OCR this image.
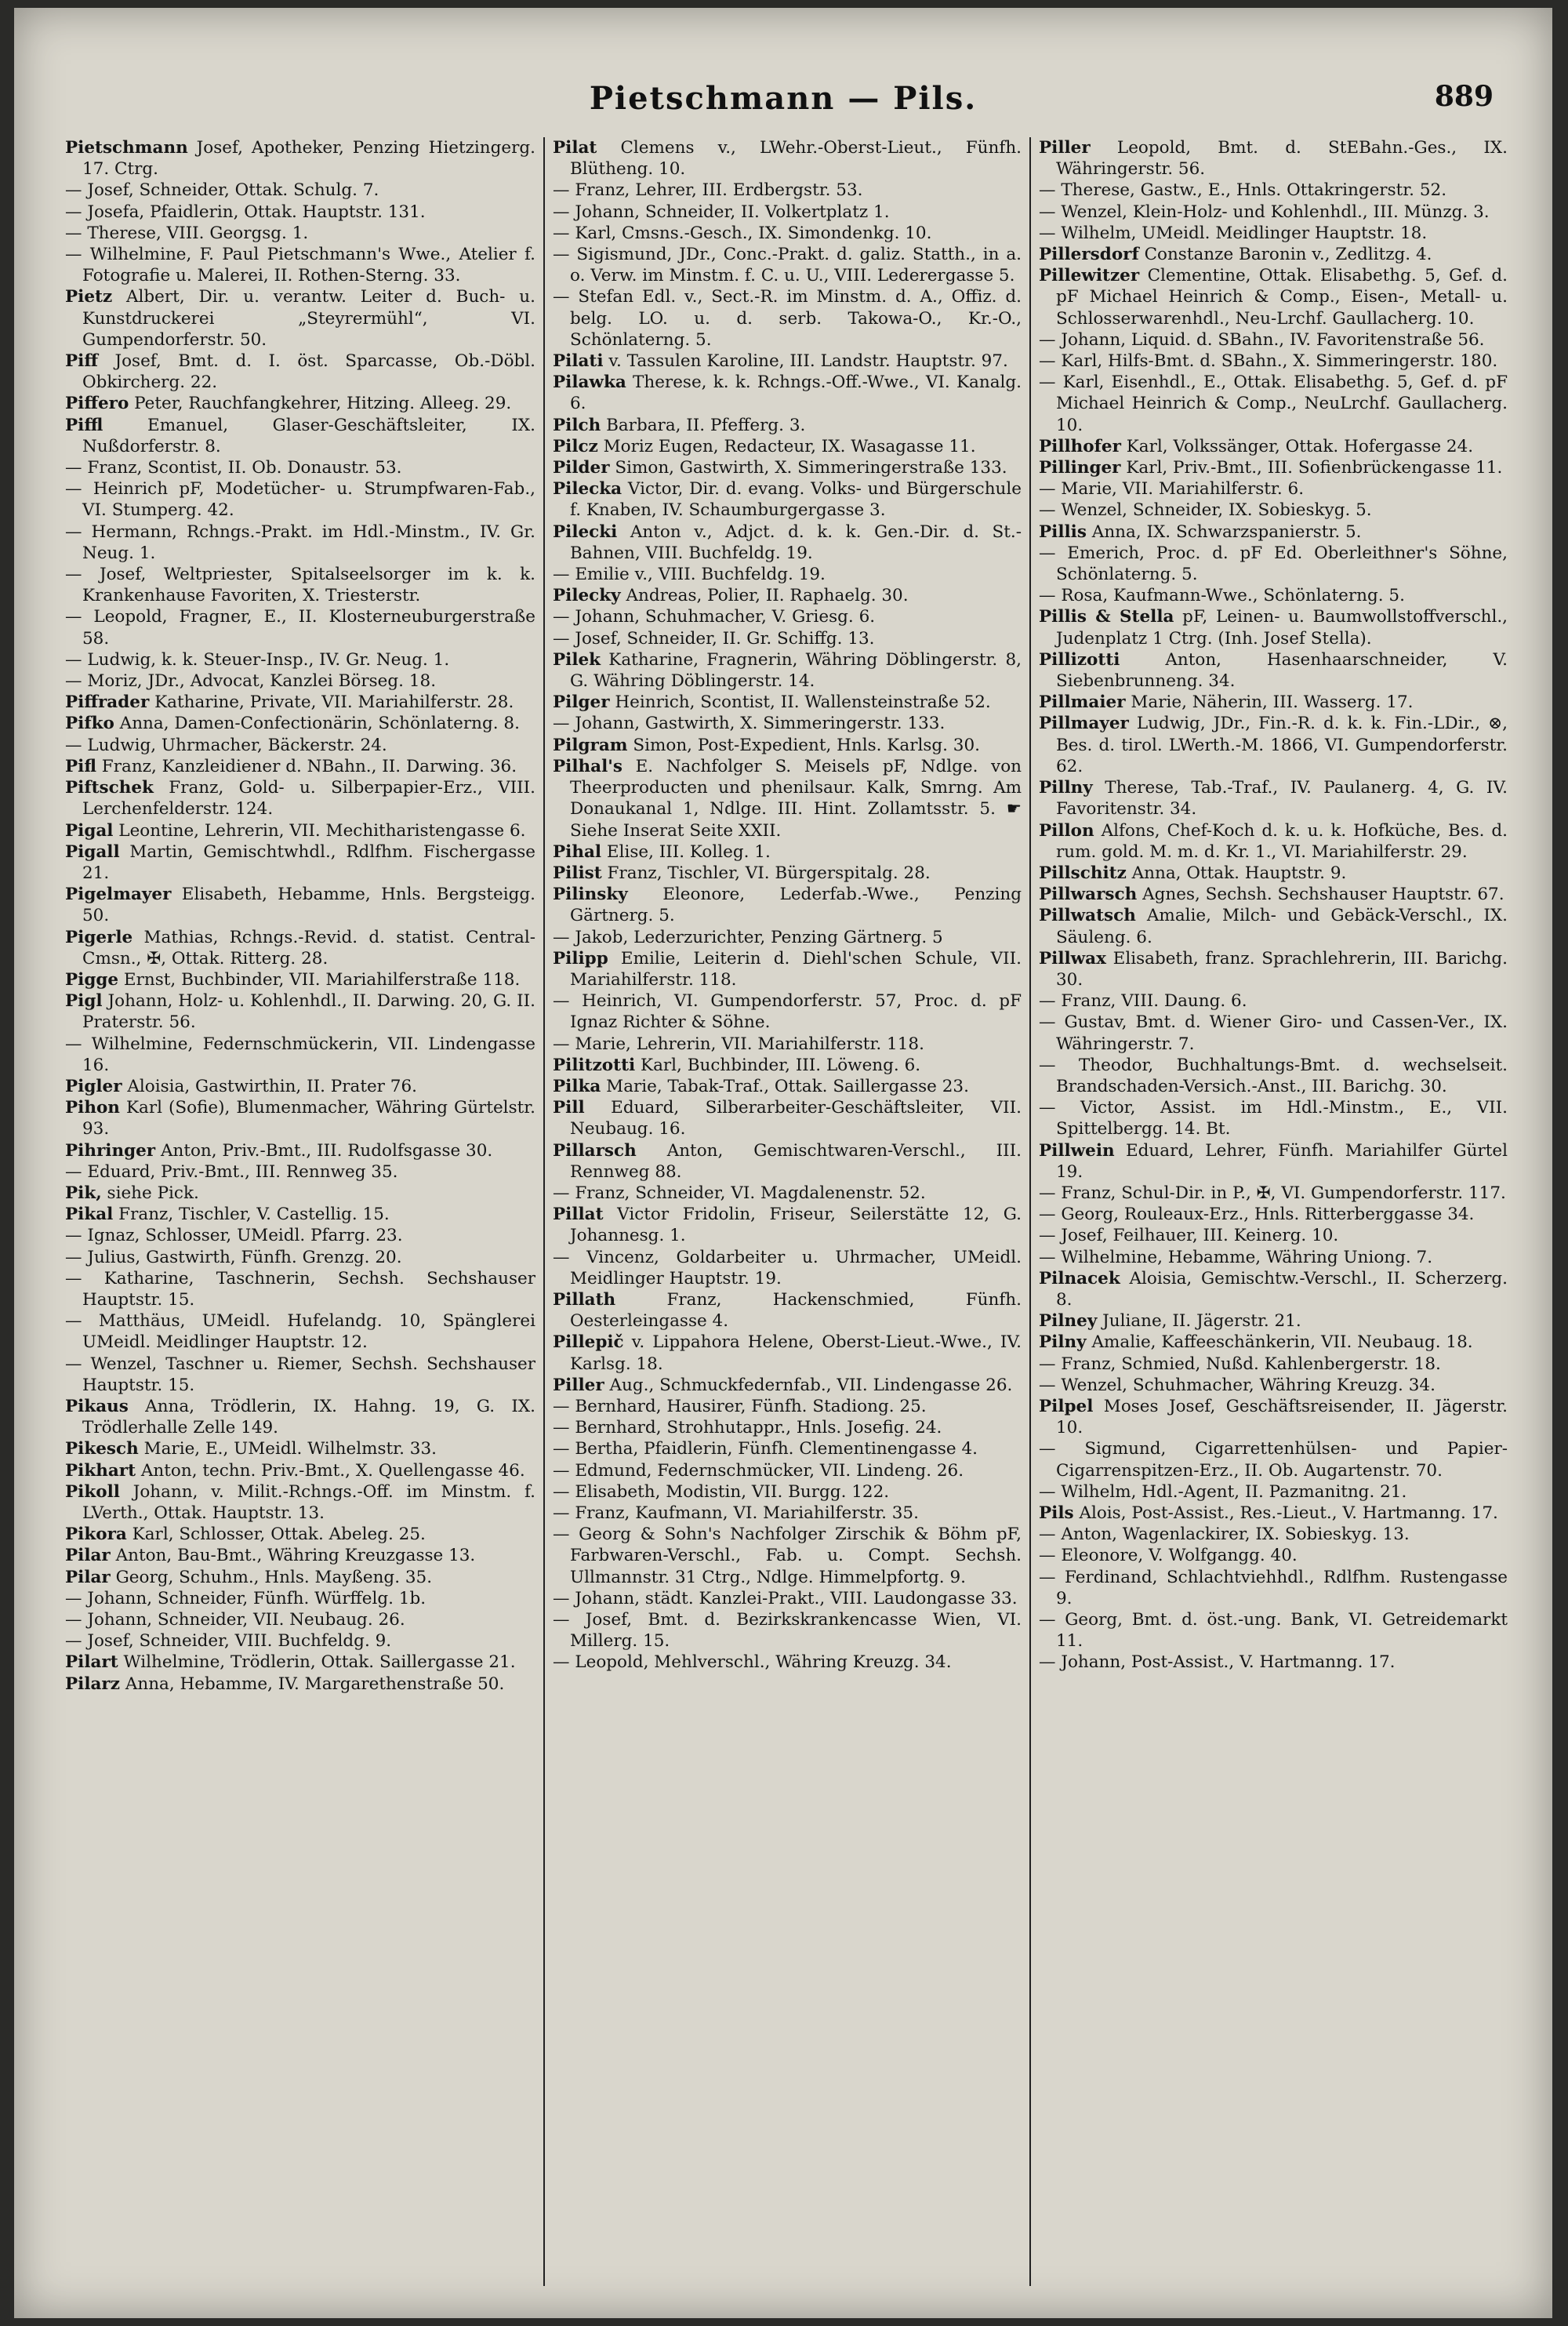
Pietschmann — Pils.	889

Pietschmann Josef, Apotheker, Penzing Hietzingerg. 17. Ctrg.

— Josef, Schneider, Ottak. Schulg. 7.

— Josefa, Pfaidlerin, Ottak. Hauptstr. 131.

— Therese, VIII. Georgsg. 1.

— Wilhelmine, F. Paul Pietschmann's Wwe., Atelier f. Fotografie u. Malerei, II. Rothen-Sterng. 33.

Pietz Albert, Dir. u. verantw. Leiter d. Buch- u. Kunstdruckerei „Steyrermühl“, VI. Gumpendorferstr. 50.

Piff Josef, Bmt. d. I. öst. Sparcasse, Ob.-Döbl. Obkircherg. 22.

Piffero Peter, Rauchfangkehrer, Hitzing. Alleeg. 29.

Piffl Emanuel, Glaser-Geschäftsleiter, IX. Nußdorferstr. 8.

— Franz, Scontist, II. Ob. Donaustr. 53.

— Heinrich pF, Modetücher- u. Strumpfwaren-Fab., VI. Stumperg. 42.

— Hermann, Rchngs.-Prakt. im Hdl.-Minstm., IV. Gr. Neug. 1.

— Josef, Weltpriester, Spitalseelsorger im k. k. Krankenhause Favoriten, X. Triesterstr.

— Leopold, Fragner, E., II. Klosterneuburgerstraße 58.

— Ludwig, k. k. Steuer-Insp., IV. Gr. Neug. 1.

— Moriz, JDr., Advocat, Kanzlei Börseg. 18.

Piffrader Katharine, Private, VII. Mariahilferstr. 28.

Pifko Anna, Damen-Confectionärin, Schönlaterng. 8.

— Ludwig, Uhrmacher, Bäckerstr. 24.

Pifl Franz, Kanzleidiener d. NBahn., II. Darwing. 36.

Piftschek Franz, Gold- u. Silberpapier-Erz., VIII. Lerchenfelderstr. 124.

Pigal Leontine, Lehrerin, VII. Mechitharistengasse 6.

Pigall Martin, Gemischtwhdl., Rdlfhm. Fischergasse 21.

Pigelmayer Elisabeth, Hebamme, Hnls. Bergsteigg. 50.

Pigerle Mathias, Rchngs.-Revid. d. statist. Central-Cmsn., ✠, Ottak. Ritterg. 28.

Pigge Ernst, Buchbinder, VII. Mariahilferstraße 118.

Pigl Johann, Holz- u. Kohlenhdl., II. Darwing. 20, G. II. Praterstr. 56.

— Wilhelmine, Federnschmückerin, VII. Lindengasse 16.

Pigler Aloisia, Gastwirthin, II. Prater 76.

Pihon Karl (Sofie), Blumenmacher, Währing Gürtelstr. 93.

Pihringer Anton, Priv.-Bmt., III. Rudolfsgasse 30.

— Eduard, Priv.-Bmt., III. Rennweg 35.

Pik, siehe Pick.

Pikal Franz, Tischler, V. Castellig. 15.

— Ignaz, Schlosser, UMeidl. Pfarrg. 23.

— Julius, Gastwirth, Fünfh. Grenzg. 20.

— Katharine, Taschnerin, Sechsh. Sechshauser Hauptstr. 15.

— Matthäus, UMeidl. Hufelandg. 10, Spänglerei UMeidl. Meidlinger Hauptstr. 12.

— Wenzel, Taschner u. Riemer, Sechsh. Sechshauser Hauptstr. 15.

Pikaus Anna, Trödlerin, IX. Hahng. 19, G. IX. Trödlerhalle Zelle 149.

Pikesch Marie, E., UMeidl. Wilhelmstr. 33.

Pikhart Anton, techn. Priv.-Bmt., X. Quellengasse 46.

Pikoll Johann, v. Milit.-Rchngs.-Off. im Minstm. f. LVerth., Ottak. Hauptstr. 13.

Pikora Karl, Schlosser, Ottak. Abeleg. 25.

Pilar Anton, Bau-Bmt., Währing Kreuzgasse 13.

Pilar Georg, Schuhm., Hnls. Mayßeng. 35.

— Johann, Schneider, Fünfh. Würffelg. 1b.

— Johann, Schneider, VII. Neubaug. 26.

— Josef, Schneider, VIII. Buchfeldg. 9.

Pilart Wilhelmine, Trödlerin, Ottak. Saillergasse 21.

Pilarz Anna, Hebamme, IV. Margarethenstraße 50.

Pilat Clemens v., LWehr.-Oberst-Lieut., Fünfh. Blütheng. 10.

— Franz, Lehrer, III. Erdbergstr. 53.

— Johann, Schneider, II. Volkertplatz 1.

— Karl, Cmsns.-Gesch., IX. Simondenkg. 10.

— Sigismund, JDr., Conc.-Prakt. d. galiz. Statth., in a. o. Verw. im Minstm. f. C. u. U., VIII. Lederergasse 5.

— Stefan Edl. v., Sect.-R. im Minstm. d. A., Offiz. d. belg. LO. u. d. serb. Takowa-O., Kr.-O., Schönlaterng. 5.

Pilati v. Tassulen Karoline, III. Landstr. Hauptstr. 97.

Pilawka Therese, k. k. Rchngs.-Off.-Wwe., VI. Kanalg. 6.

Pilch Barbara, II. Pfefferg. 3.

Pilcz Moriz Eugen, Redacteur, IX. Wasagasse 11.

Pilder Simon, Gastwirth, X. Simmeringerstraße 133.

Pilecka Victor, Dir. d. evang. Volks- und Bürgerschule f. Knaben, IV. Schaumburgergasse 3.

Pilecki Anton v., Adjct. d. k. k. Gen.-Dir. d. St.-Bahnen, VIII. Buchfeldg. 19.

— Emilie v., VIII. Buchfeldg. 19.

Pilecky Andreas, Polier, II. Raphaelg. 30.

— Johann, Schuhmacher, V. Griesg. 6.

— Josef, Schneider, II. Gr. Schiffg. 13.

Pilek Katharine, Fragnerin, Währing Döblingerstr. 8, G. Währing Döblingerstr. 14.

Pilger Heinrich, Scontist, II. Wallensteinstraße 52.

— Johann, Gastwirth, X. Simmeringerstr. 133.

Pilgram Simon, Post-Expedient, Hnls. Karlsg. 30.

Pilhal's E. Nachfolger S. Meisels pF, Ndlge. von Theerproducten und phenilsaur. Kalk, Smrng. Am Donaukanal 1, Ndlge. III. Hint. Zollamtsstr. 5. ☛ Siehe Inserat Seite XXII.

Pihal Elise, III. Kolleg. 1.

Pilist Franz, Tischler, VI. Bürgerspitalg. 28.

Pilinsky Eleonore, Lederfab.-Wwe., Penzing Gärtnerg. 5.

— Jakob, Lederzurichter, Penzing Gärtnerg. 5

Pilipp Emilie, Leiterin d. Diehl'schen Schule, VII. Mariahilferstr. 118.

— Heinrich, VI. Gumpendorferstr. 57, Proc. d. pF Ignaz Richter & Söhne.

— Marie, Lehrerin, VII. Mariahilferstr. 118.

Pilitzotti Karl, Buchbinder, III. Löweng. 6.

Pilka Marie, Tabak-Traf., Ottak. Saillergasse 23.

Pill Eduard, Silberarbeiter-Geschäftsleiter, VII. Neubaug. 16.

Pillarsch Anton, Gemischtwaren-Verschl., III. Rennweg 88.

— Franz, Schneider, VI. Magdalenenstr. 52.

Pillat Victor Fridolin, Friseur, Seilerstätte 12, G. Johannesg. 1.

— Vincenz, Goldarbeiter u. Uhrmacher, UMeidl. Meidlinger Hauptstr. 19.

Pillath Franz, Hackenschmied, Fünfh. Oesterleingasse 4.

Pillepič v. Lippahora Helene, Oberst-Lieut.-Wwe., IV. Karlsg. 18.

Piller Aug., Schmuckfedernfab., VII. Lindengasse 26.

— Bernhard, Hausirer, Fünfh. Stadiong. 25.

— Bernhard, Strohhutappr., Hnls. Josefig. 24.

— Bertha, Pfaidlerin, Fünfh. Clementinengasse 4.

— Edmund, Federnschmücker, VII. Lindeng. 26.

— Elisabeth, Modistin, VII. Burgg. 122.

— Franz, Kaufmann, VI. Mariahilferstr. 35.

— Georg & Sohn's Nachfolger Zirschik & Böhm pF, Farbwaren-Verschl., Fab. u. Compt. Sechsh. Ullmannstr. 31 Ctrg., Ndlge. Himmelpfortg. 9.

— Johann, städt. Kanzlei-Prakt., VIII. Laudongasse 33.

— Josef, Bmt. d. Bezirkskrankencasse Wien, VI. Millerg. 15.

— Leopold, Mehlverschl., Währing Kreuzg. 34.

Piller Leopold, Bmt. d. StEBahn.-Ges., IX. Währingerstr. 56.

— Therese, Gastw., E., Hnls. Ottakringerstr. 52.

— Wenzel, Klein-Holz- und Kohlenhdl., III. Münzg. 3.

— Wilhelm, UMeidl. Meidlinger Hauptstr. 18.

Pillersdorf Constanze Baronin v., Zedlitzg. 4.

Pillewitzer Clementine, Ottak. Elisabethg. 5, Gef. d. pF Michael Heinrich & Comp., Eisen-, Metall- u. Schlosserwarenhdl., Neu-Lrchf. Gaullacherg. 10.

— Johann, Liquid. d. SBahn., IV. Favoritenstraße 56.

— Karl, Hilfs-Bmt. d. SBahn., X. Simmeringerstr. 180.

— Karl, Eisenhdl., E., Ottak. Elisabethg. 5, Gef. d. pF Michael Heinrich & Comp., NeuLrchf. Gaullacherg. 10.

Pillhofer Karl, Volkssänger, Ottak. Hofergasse 24.

Pillinger Karl, Priv.-Bmt., III. Sofienbrückengasse 11.

— Marie, VII. Mariahilferstr. 6.

— Wenzel, Schneider, IX. Sobieskyg. 5.

Pillis Anna, IX. Schwarzspanierstr. 5.

— Emerich, Proc. d. pF Ed. Oberleithner's Söhne, Schönlaterng. 5.

— Rosa, Kaufmann-Wwe., Schönlaterng. 5.

Pillis & Stella pF, Leinen- u. Baumwollstoffverschl., Judenplatz 1 Ctrg. (Inh. Josef Stella).

Pillizotti Anton, Hasenhaarschneider, V. Siebenbrunneng. 34.

Pillmaier Marie, Näherin, III. Wasserg. 17.

Pillmayer Ludwig, JDr., Fin.-R. d. k. k. Fin.-LDir., ⊗, Bes. d. tirol. LWerth.-M. 1866, VI. Gumpendorferstr. 62.

Pillny Therese, Tab.-Traf., IV. Paulanerg. 4, G. IV. Favoritenstr. 34.

Pillon Alfons, Chef-Koch d. k. u. k. Hofküche, Bes. d. rum. gold. M. m. d. Kr. 1., VI. Mariahilferstr. 29.

Pillschitz Anna, Ottak. Hauptstr. 9.

Pillwarsch Agnes, Sechsh. Sechshauser Hauptstr. 67.

Pillwatsch Amalie, Milch- und Gebäck-Verschl., IX. Säuleng. 6.

Pillwax Elisabeth, franz. Sprachlehrerin, III. Barichg. 30.

— Franz, VIII. Daung. 6.

— Gustav, Bmt. d. Wiener Giro- und Cassen-Ver., IX. Währingerstr. 7.

— Theodor, Buchhaltungs-Bmt. d. wechselseit. Brandschaden-Versich.-Anst., III. Barichg. 30.

— Victor, Assist. im Hdl.-Minstm., E., VII. Spittelbergg. 14. Bt.

Pillwein Eduard, Lehrer, Fünfh. Mariahilfer Gürtel 19.

— Franz, Schul-Dir. in P., ✠, VI. Gumpendorferstr. 117.

— Georg, Rouleaux-Erz., Hnls. Ritterberggasse 34.

— Josef, Feilhauer, III. Keinerg. 10.

— Wilhelmine, Hebamme, Währing Uniong. 7.

Pilnacek Aloisia, Gemischtw.-Verschl., II. Scherzerg. 8.

Pilney Juliane, II. Jägerstr. 21.

Pilny Amalie, Kaffeeschänkerin, VII. Neubaug. 18.

— Franz, Schmied, Nußd. Kahlenbergerstr. 18.

— Wenzel, Schuhmacher, Währing Kreuzg. 34.

Pilpel Moses Josef, Geschäftsreisender, II. Jägerstr. 10.

— Sigmund, Cigarrettenhülsen- und Papier-Cigarrenspitzen-Erz., II. Ob. Augartenstr. 70.

— Wilhelm, Hdl.-Agent, II. Pazmanitng. 21.

Pils Alois, Post-Assist., Res.-Lieut., V. Hartmanng. 17.

— Anton, Wagenlackirer, IX. Sobieskyg. 13.

— Eleonore, V. Wolfgangg. 40.

— Ferdinand, Schlachtviehhdl., Rdlfhm. Rustengasse 9.

— Georg, Bmt. d. öst.-ung. Bank, VI. Getreidemarkt 11.

— Johann, Post-Assist., V. Hartmanng. 17.
